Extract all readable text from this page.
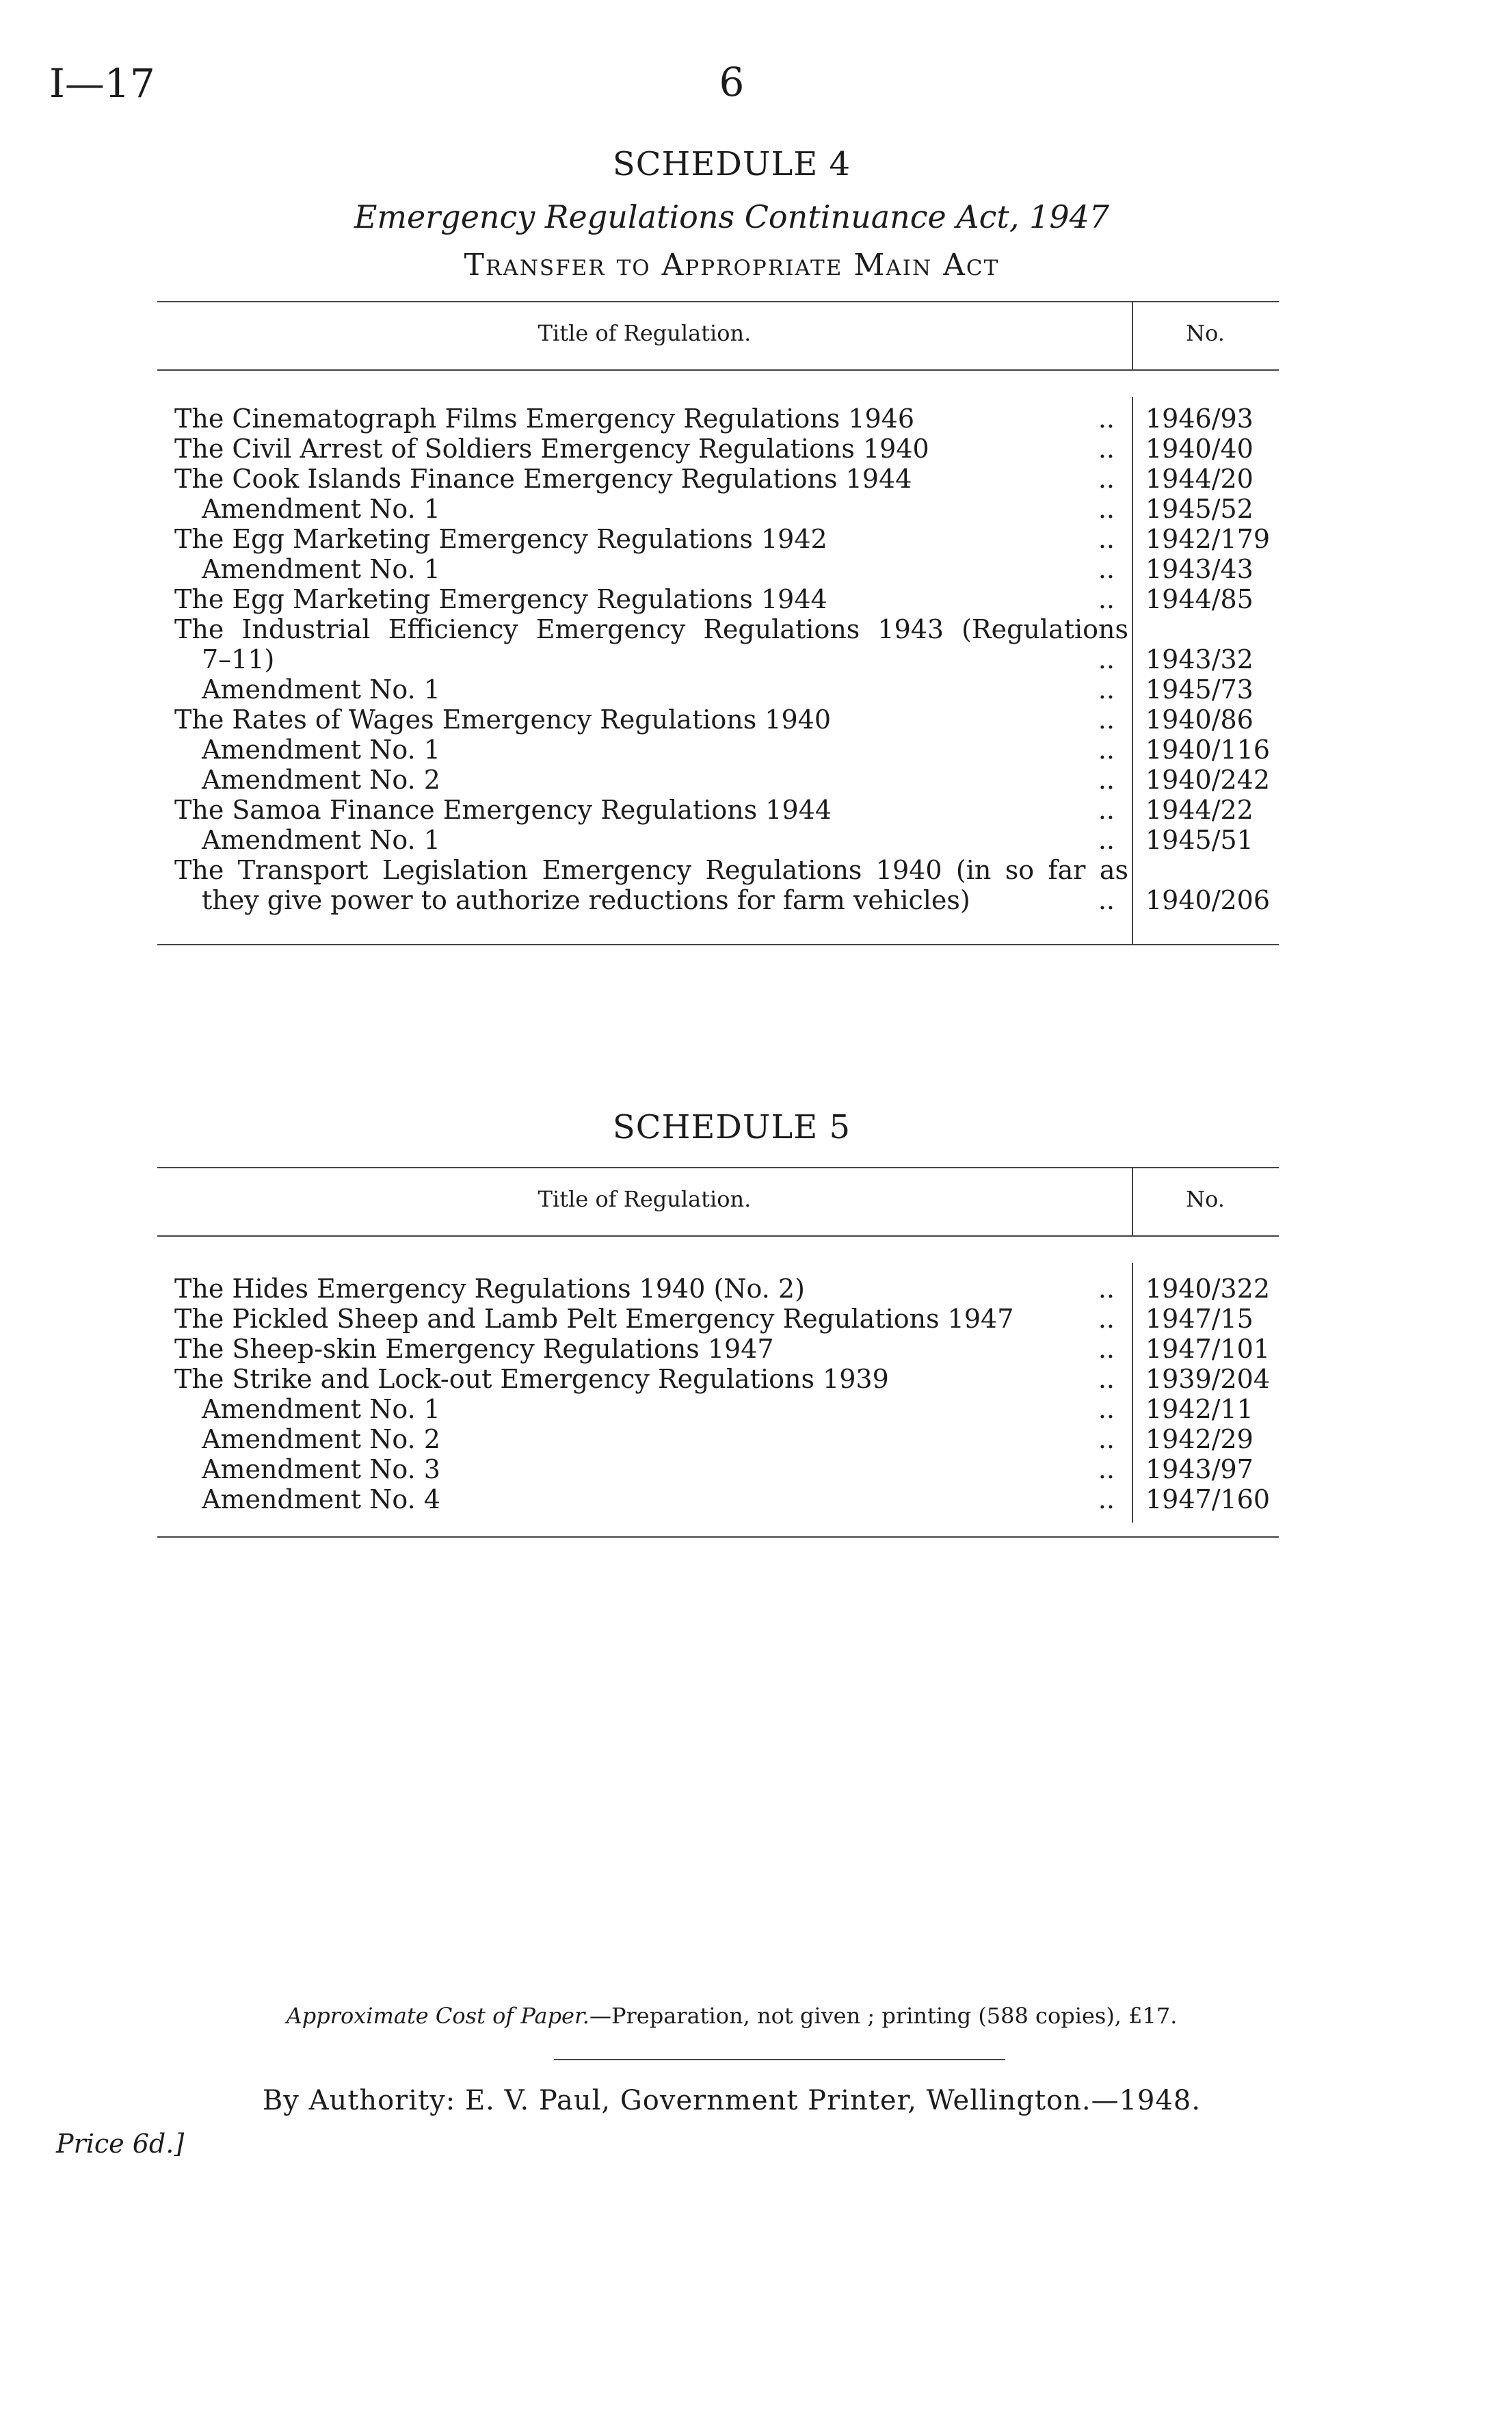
I—17	6
SCHEDULE 4
Emergency Regulations Continuance Act, 1947
Transfer to Appropriate Main Act
Title of Regulation.	No.
The Cinematograph Films Emergency Regulations 1946	.. 1946/93
The Civil Arrest of Soldiers Emergency Regulations 1940	.. 1940/40
The Cook Islands Finance Emergency Regulations 1944	.. 1944/20
Amendment No. 1	.. 1945/52
The Egg Marketing Emergency Regulations 1942	.. 1942/179
Amendment No. 1	.. 1943/43
The Egg Marketing Emergency Regulations 1944	.. 1944/85
The Industrial Efficiency Emergency Regulations 1943 (Regulations
7–11)	.. 1943/32
Amendment No. 1	.. 1945/73
The Rates of Wages Emergency Regulations 1940	.. 1940/86
Amendment No. 1	.. 1940/116
Amendment No. 2	.. 1940/242
The Samoa Finance Emergency Regulations 1944	.. 1944/22
Amendment No. 1	.. 1945/51
The Transport Legislation Emergency Regulations 1940 (in so far as
they give power to authorize reductions for farm vehicles)	.. 1940/206
SCHEDULE 5
Title of Regulation.	No.
The Hides Emergency Regulations 1940 (No. 2)	.. 1940/322
The Pickled Sheep and Lamb Pelt Emergency Regulations 1947	.. 1947/15
The Sheep-skin Emergency Regulations 1947	.. 1947/101
The Strike and Lock-out Emergency Regulations 1939	.. 1939/204
Amendment No. 1	.. 1942/11
Amendment No. 2	.. 1942/29
Amendment No. 3	.. 1943/97
Amendment No. 4	.. 1947/160
Approximate Cost of Paper.—Preparation, not given ; printing (588 copies), £17.
By Authority: E. V. Paul, Government Printer, Wellington.—1948.
Price 6d.]
